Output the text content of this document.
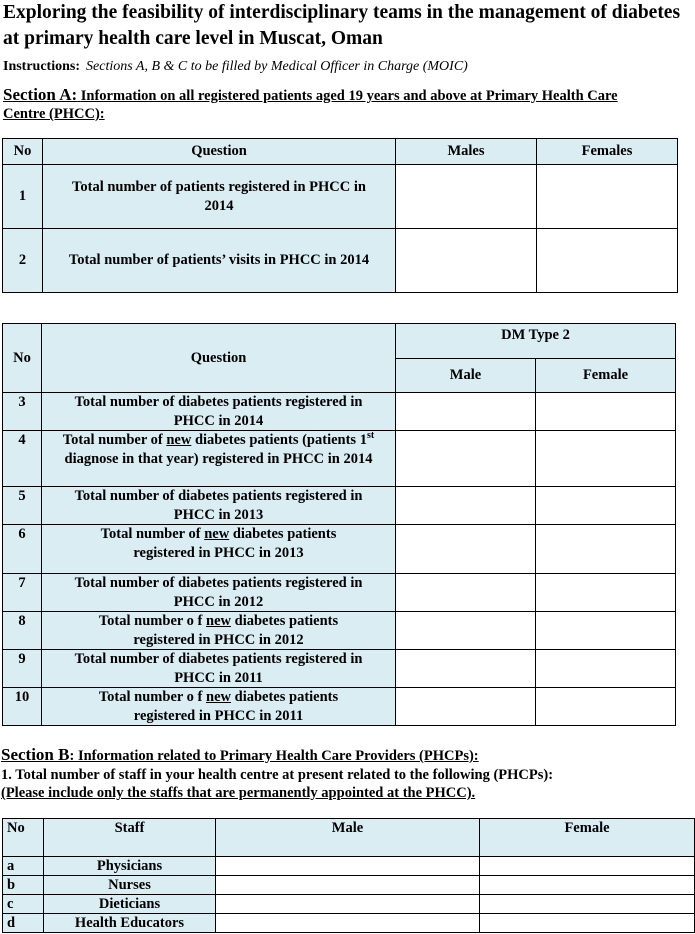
Exploring the feasibility of interdisciplinary teams in the management of diabetes at primary health care level in Muscat, Oman
Instructions: Sections A, B & C to be filled by Medical Officer in Charge (MOIC)
Section A: Information on all registered patients aged 19 years and above at Primary Health Care Centre (PHCC):
No	Question	Males	Females
1	Total number of patients registered in PHCC in 2014		
2	Total number of patients’ visits in PHCC in 2014		
No	Question	DM Type 2	
		Male	Female
3	Total number of diabetes patients registered in PHCC in 2014		
4	Total number of new diabetes patients (patients 1st diagnose in that year) registered in PHCC in 2014		
5	Total number of diabetes patients registered in PHCC in 2013		
6	Total number of new diabetes patients registered in PHCC in 2013		
7	Total number of diabetes patients registered in PHCC in 2012		
8	Total number o f new diabetes patients registered in PHCC in 2012		
9	Total number of diabetes patients registered in PHCC in 2011		
10	Total number o f new diabetes patients registered in PHCC in 2011		
Section B: Information related to Primary Health Care Providers (PHCPs):
1. Total number of staff in your health centre at present related to the following (PHCPs):
(Please include only the staffs that are permanently appointed at the PHCC).
No	Staff	Male	Female
a	Physicians		
b	Nurses		
c	Dieticians		
d	Health Educators		
